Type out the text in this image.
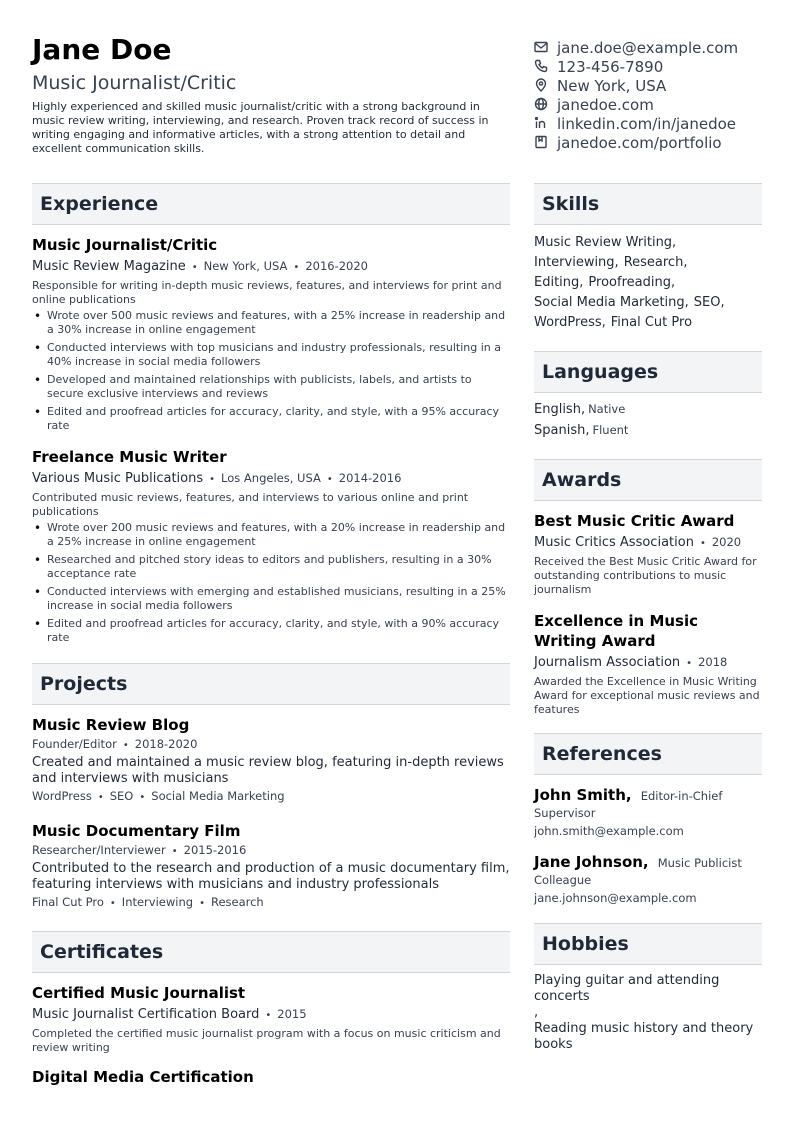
Jane Doe
Music Journalist/Critic
Highly experienced and skilled music journalist/critic with a strong background in music review writing, interviewing, and research. Proven track record of success in writing engaging and informative articles, with a strong attention to detail and excellent communication skills.
jane.doe@example.com
123-456-7890
New York, USA
janedoe.com
linkedin.com/in/janedoe
janedoe.com/portfolio
Experience
Music Journalist/Critic
Music Review Magazine • New York, USA • 2016-2020
Responsible for writing in-depth music reviews, features, and interviews for print and online publications
• Wrote over 500 music reviews and features, with a 25% increase in readership and a 30% increase in online engagement
• Conducted interviews with top musicians and industry professionals, resulting in a 40% increase in social media followers
• Developed and maintained relationships with publicists, labels, and artists to secure exclusive interviews and reviews
• Edited and proofread articles for accuracy, clarity, and style, with a 95% accuracy rate
Freelance Music Writer
Various Music Publications • Los Angeles, USA • 2014-2016
Contributed music reviews, features, and interviews to various online and print publications
• Wrote over 200 music reviews and features, with a 20% increase in readership and a 25% increase in online engagement
• Researched and pitched story ideas to editors and publishers, resulting in a 30% acceptance rate
• Conducted interviews with emerging and established musicians, resulting in a 25% increase in social media followers
• Edited and proofread articles for accuracy, clarity, and style, with a 90% accuracy rate
Projects
Music Review Blog
Founder/Editor • 2018-2020
Created and maintained a music review blog, featuring in-depth reviews and interviews with musicians
WordPress • SEO • Social Media Marketing
Music Documentary Film
Researcher/Interviewer • 2015-2016
Contributed to the research and production of a music documentary film, featuring interviews with musicians and industry professionals
Final Cut Pro • Interviewing • Research
Certificates
Certified Music Journalist
Music Journalist Certification Board • 2015
Completed the certified music journalist program with a focus on music criticism and review writing
Digital Media Certification
Skills
Music Review Writing,
Interviewing, Research,
Editing, Proofreading,
Social Media Marketing, SEO,
WordPress, Final Cut Pro
Languages
English, Native
Spanish, Fluent
Awards
Best Music Critic Award
Music Critics Association • 2020
Received the Best Music Critic Award for outstanding contributions to music journalism
Excellence in Music Writing Award
Journalism Association • 2018
Awarded the Excellence in Music Writing Award for exceptional music reviews and features
References
John Smith, Editor-in-Chief
Supervisor
john.smith@example.com
Jane Johnson, Music Publicist
Colleague
jane.johnson@example.com
Hobbies
Playing guitar and attending concerts
,
Reading music history and theory books
